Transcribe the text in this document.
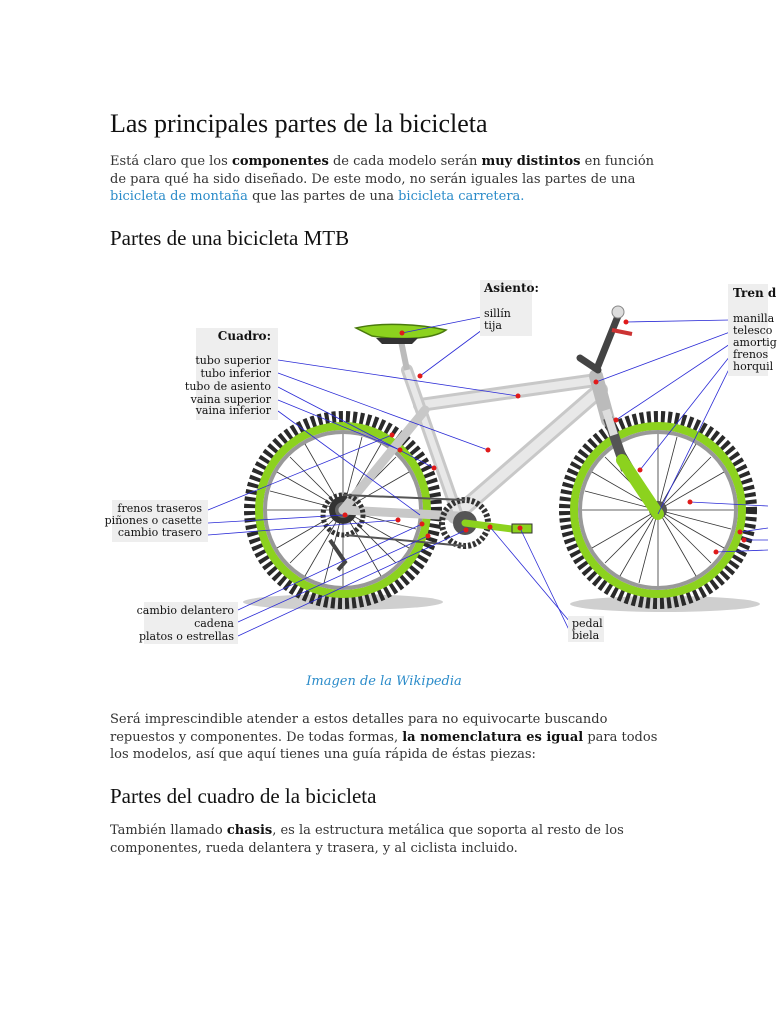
Las principales partes de la bicicleta

Está claro que los componentes de cada modelo serán muy distintos en función de para qué ha sido diseñado. De este modo, no serán iguales las partes de una bicicleta de montaña que las partes de una bicicleta carretera.

Partes de una bicicleta MTB
Asiento:
sillín
tija
Cuadro:
tubo superior
tubo inferior
tubo de asiento
vaina superior
vaina inferior
Tren d
manilla
telesco
amortig
frenos
horquil
frenos traseros
piñones o casette
cambio trasero
cambio delantero
cadena
platos o estrellas
pedal
biela
Imagen de la Wikipedia

Será imprescindible atender a estos detalles para no equivocarte buscando repuestos y componentes. De todas formas, la nomenclatura es igual para todos los modelos, así que aquí tienes una guía rápida de éstas piezas:

Partes del cuadro de la bicicleta

También llamado chasis, es la estructura metálica que soporta al resto de los componentes, rueda delantera y trasera, y al ciclista incluido.
